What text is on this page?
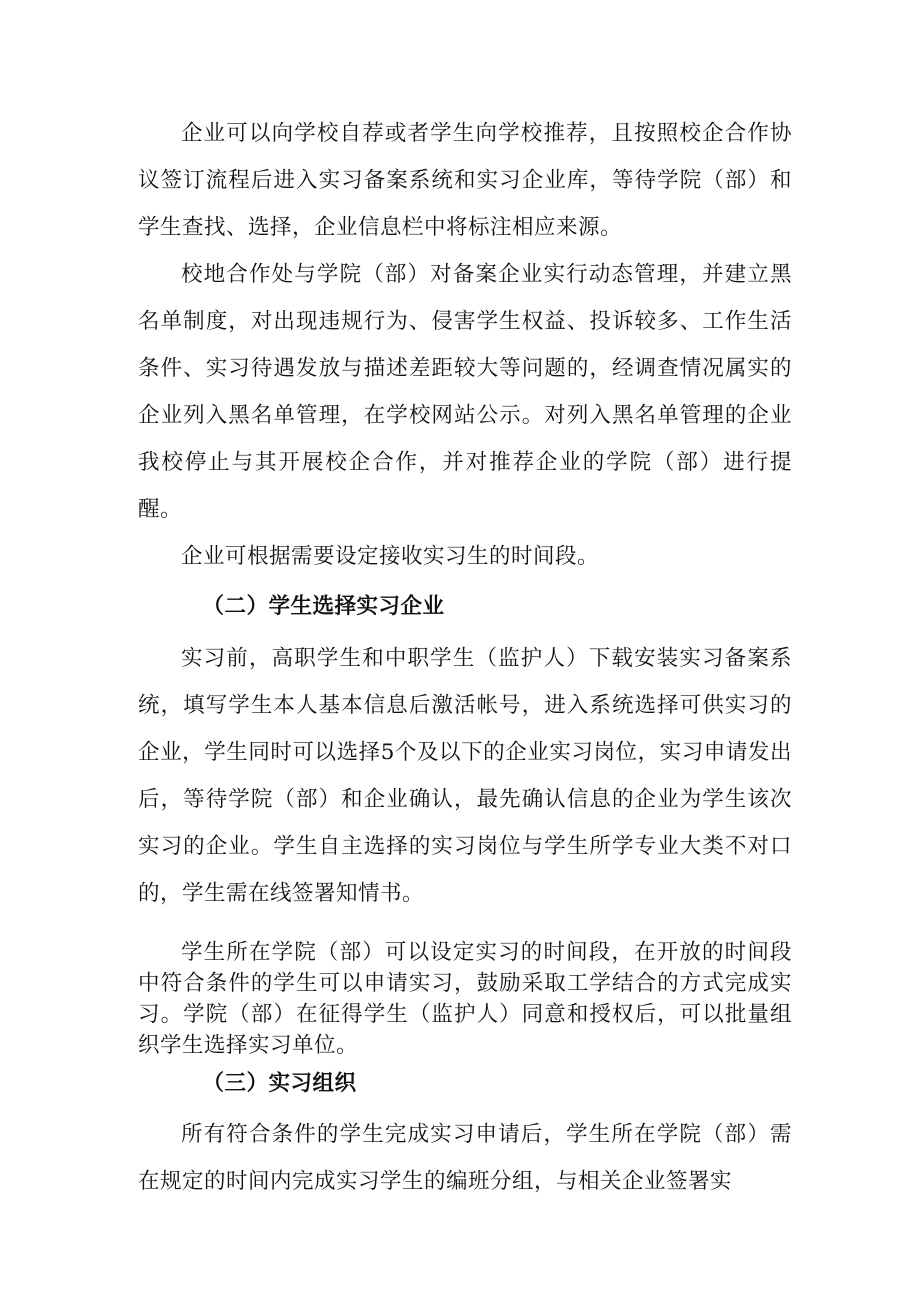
企业可以向学校自荐或者学生向学校推荐，且按照校企合作协议签订流程后进入实习备案系统和实习企业库，等待学院（部）和学生查找、选择，企业信息栏中将标注相应来源。

校地合作处与学院（部）对备案企业实行动态管理，并建立黑名单制度，对出现违规行为、侵害学生权益、投诉较多、工作生活条件、实习待遇发放与描述差距较大等问题的，经调查情况属实的企业列入黑名单管理，在学校网站公示。对列入黑名单管理的企业我校停止与其开展校企合作，并对推荐企业的学院（部）进行提醒。

企业可根据需要设定接收实习生的时间段。

（二）学生选择实习企业

实习前，高职学生和中职学生（监护人）下载安装实习备案系统，填写学生本人基本信息后激活帐号，进入系统选择可供实习的企业，学生同时可以选择5个及以下的企业实习岗位，实习申请发出后，等待学院（部）和企业确认，最先确认信息的企业为学生该次实习的企业。学生自主选择的实习岗位与学生所学专业大类不对口的，学生需在线签署知情书。

学生所在学院（部）可以设定实习的时间段，在开放的时间段中符合条件的学生可以申请实习，鼓励采取工学结合的方式完成实习。学院（部）在征得学生（监护人）同意和授权后，可以批量组织学生选择实习单位。

（三）实习组织

所有符合条件的学生完成实习申请后，学生所在学院（部）需在规定的时间内完成实习学生的编班分组，与相关企业签署实
